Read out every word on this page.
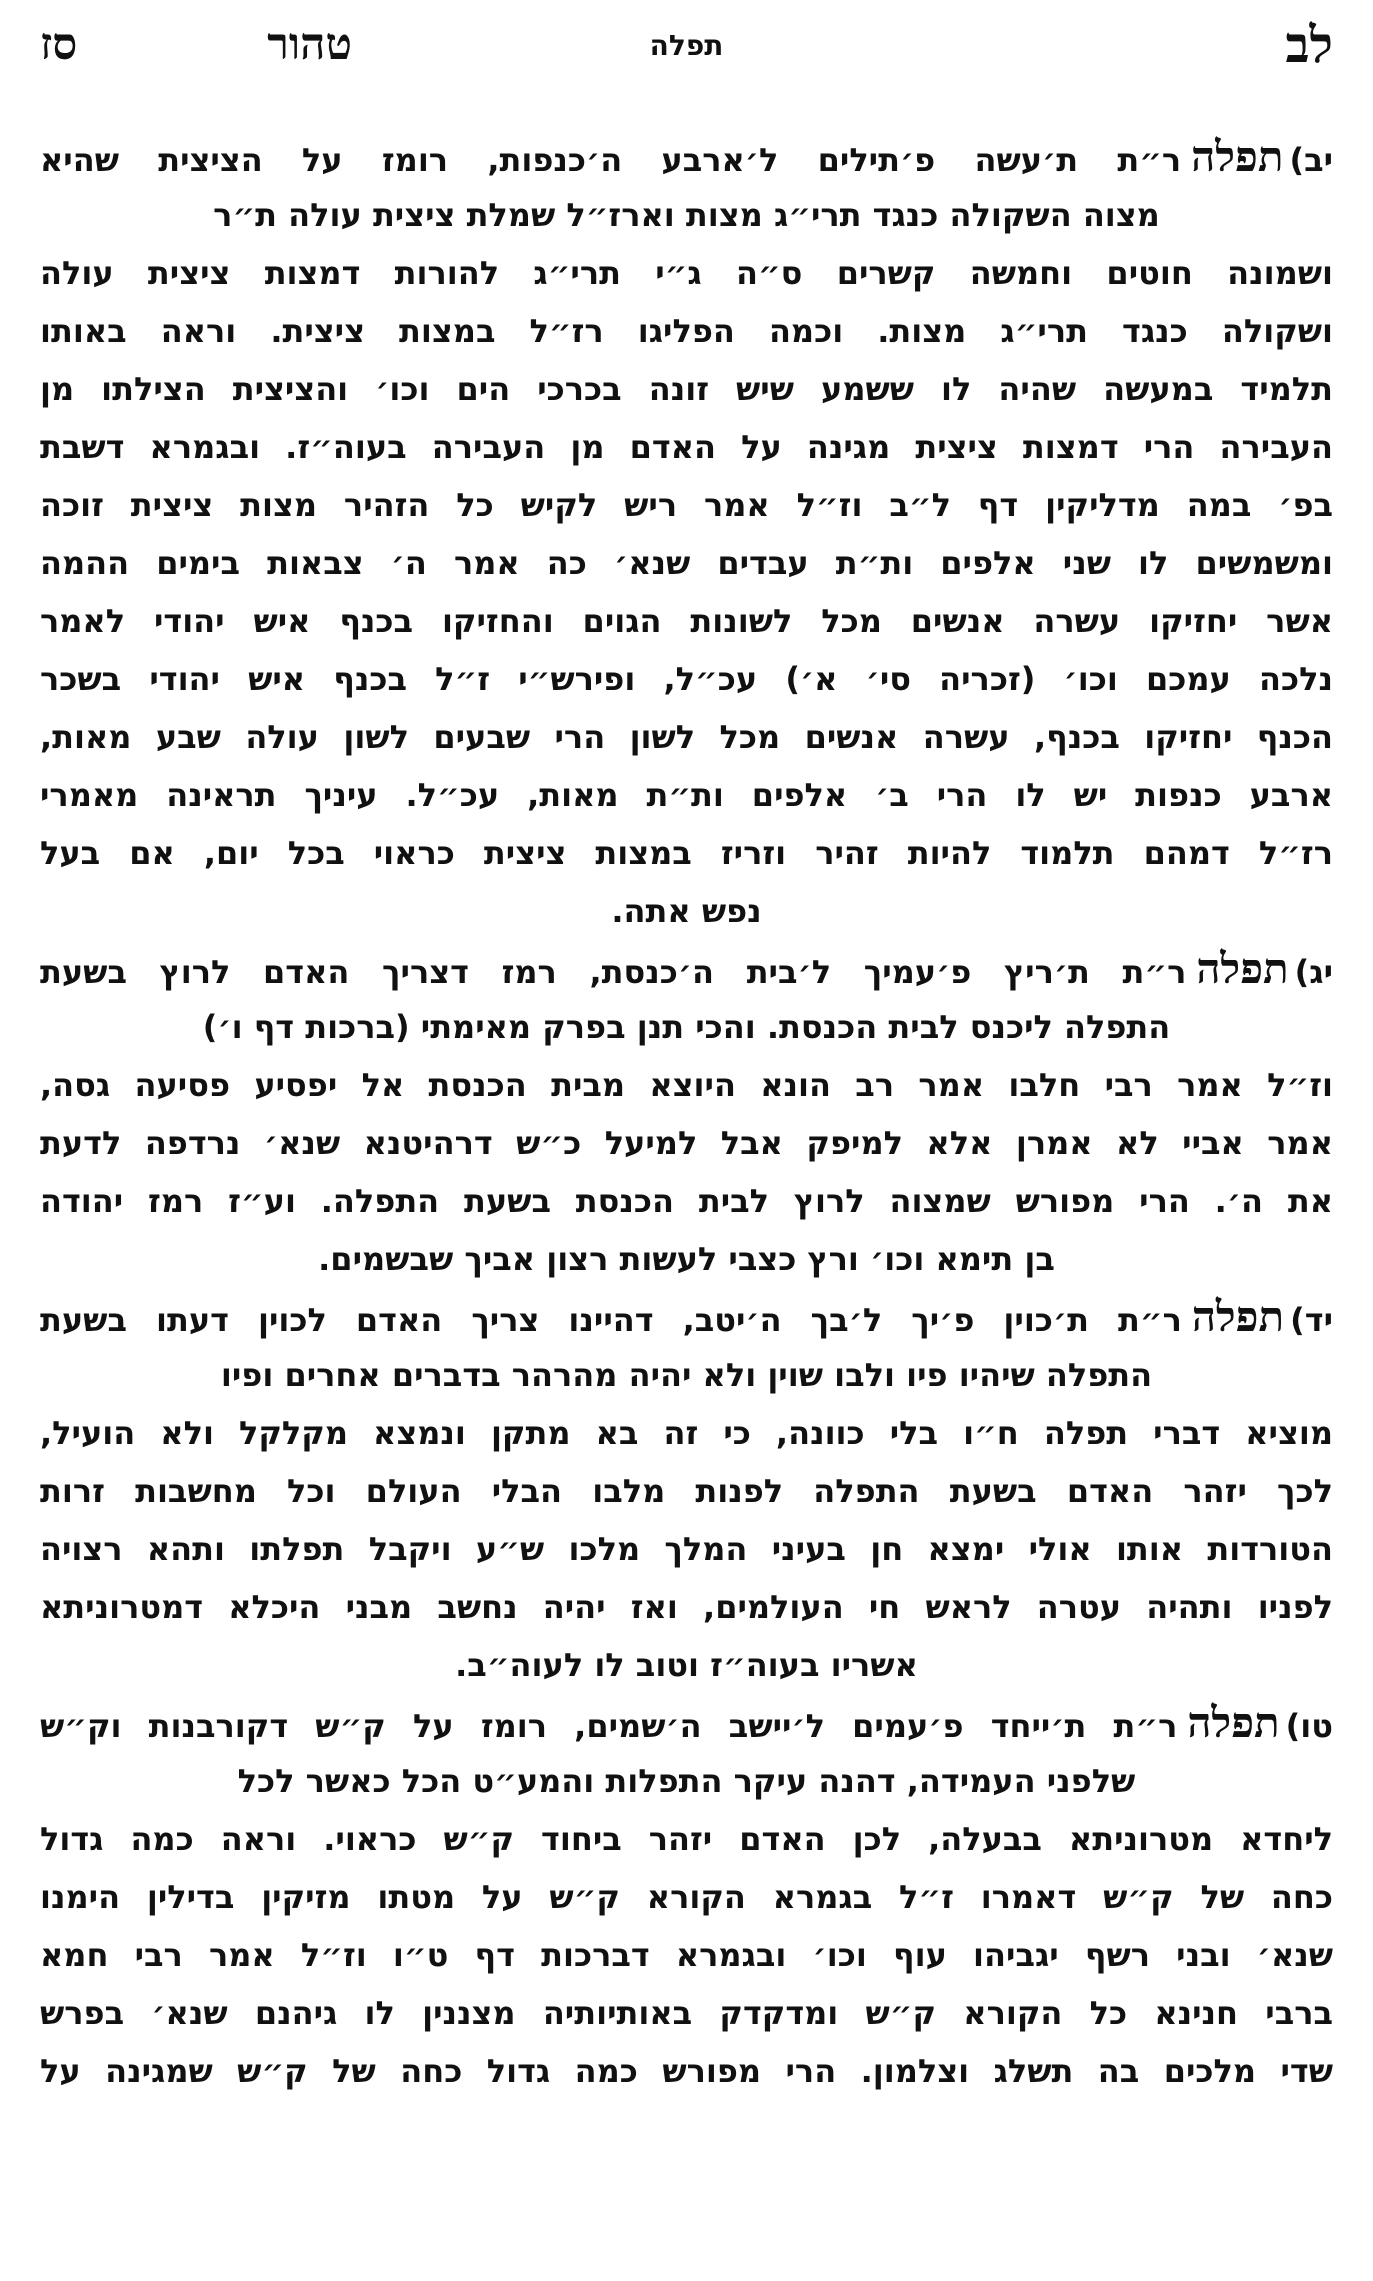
לב
תפלה
טהורסז
יב)תפלהר״ת ת׳עשה פ׳תילים ל׳ארבע ה׳כנפות, רומז על הציצית שהיא
מצוה השקולה כנגד תרי״ג מצות וארז״ל שמלת ציצית עולה ת״ר
ושמונה חוטים וחמשה קשרים ס״ה ג״י תרי״ג להורות דמצות ציצית עולה
ושקולה כנגד תרי״ג מצות. וכמה הפליגו רז״ל במצות ציצית. וראה באותו
תלמיד במעשה שהיה לו ששמע שיש זונה בכרכי הים וכו׳ והציצית הצילתו מן
העבירה הרי דמצות ציצית מגינה על האדם מן העבירה בעוה״ז. ובגמרא דשבת
בפ׳ במה מדליקין דף ל״ב וז״ל אמר ריש לקיש כל הזהיר מצות ציצית זוכה
ומשמשים לו שני אלפים ות״ת עבדים שנא׳ כה אמר ה׳ צבאות בימים ההמה
אשר יחזיקו עשרה אנשים מכל לשונות הגוים והחזיקו בכנף איש יהודי לאמר
נלכה עמכם וכו׳ (זכריה סי׳ א׳) עכ״ל, ופירש״י ז״ל בכנף איש יהודי בשכר
הכנף יחזיקו בכנף, עשרה אנשים מכל לשון הרי שבעים לשון עולה שבע מאות,
ארבע כנפות יש לו הרי ב׳ אלפים ות״ת מאות, עכ״ל. עיניך תראינה מאמרי
רז״ל דמהם תלמוד להיות זהיר וזריז במצות ציצית כראוי בכל יום, אם בעל
נפש אתה.
יג)תפלהר״ת ת׳ריץ פ׳עמיך ל׳בית ה׳כנסת, רמז דצריך האדם לרוץ בשעת
התפלה ליכנס לבית הכנסת. והכי תנן בפרק מאימתי (ברכות דף ו׳)
וז״ל אמר רבי חלבו אמר רב הונא היוצא מבית הכנסת אל יפסיע פסיעה גסה,
אמר אביי לא אמרן אלא למיפק אבל למיעל כ״ש דרהיטנא שנא׳ נרדפה לדעת
את ה׳. הרי מפורש שמצוה לרוץ לבית הכנסת בשעת התפלה. וע״ז רמז יהודה
בן תימא וכו׳ ורץ כצבי לעשות רצון אביך שבשמים.
יד)תפלהר״ת ת׳כוין פ׳יך ל׳בך ה׳יטב, דהיינו צריך האדם לכוין דעתו בשעת
התפלה שיהיו פיו ולבו שוין ולא יהיה מהרהר בדברים אחרים ופיו
מוציא דברי תפלה ח״ו בלי כוונה, כי זה בא מתקן ונמצא מקלקל ולא הועיל,
לכך יזהר האדם בשעת התפלה לפנות מלבו הבלי העולם וכל מחשבות זרות
הטורדות אותו אולי ימצא חן בעיני המלך מלכו ש״ע ויקבל תפלתו ותהא רצויה
לפניו ותהיה עטרה לראש חי העולמים, ואז יהיה נחשב מבני היכלא דמטרוניתא
אשריו בעוה״ז וטוב לו לעוה״ב.
טו)תפלהר״ת ת׳ייחד פ׳עמים ל׳יישב ה׳שמים, רומז על ק״ש דקורבנות וק״ש
שלפני העמידה, דהנה עיקר התפלות והמע״ט הכל כאשר לכל
ליחדא מטרוניתא בבעלה, לכן האדם יזהר ביחוד ק״ש כראוי. וראה כמה גדול
כחה של ק״ש דאמרו ז״ל בגמרא הקורא ק״ש על מטתו מזיקין בדילין הימנו
שנא׳ ובני רשף יגביהו עוף וכו׳ ובגמרא דברכות דף ט״ו וז״ל אמר רבי חמא
ברבי חנינא כל הקורא ק״ש ומדקדק באותיותיה מצננין לו גיהנם שנא׳ בפרש
שדי מלכים בה תשלג וצלמון. הרי מפורש כמה גדול כחה של ק״ש שמגינה על
